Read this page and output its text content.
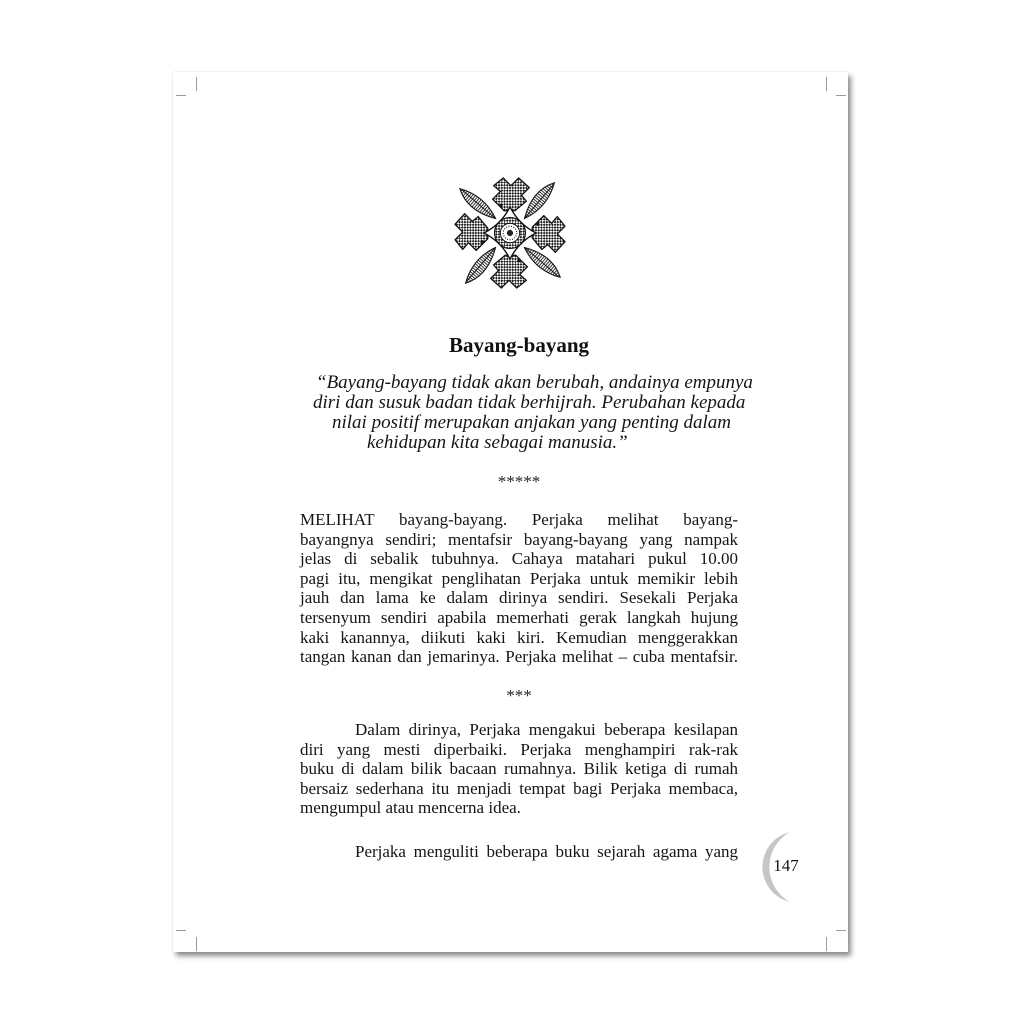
Bayang-bayang
“Bayang-bayang tidak akan berubah, andainya empunya
diri dan susuk badan tidak berhijrah. Perubahan kepada
nilai positif merupakan anjakan yang penting dalam
kehidupan kita sebagai manusia.”
*****
MELIHAT bayang-bayang. Perjaka melihat bayang-
bayangnya sendiri; mentafsir bayang-bayang yang nampak
jelas di sebalik tubuhnya. Cahaya matahari pukul 10.00
pagi itu, mengikat penglihatan Perjaka untuk memikir lebih
jauh dan lama ke dalam dirinya sendiri. Sesekali Perjaka
tersenyum sendiri apabila memerhati gerak langkah hujung
kaki kanannya, diikuti kaki kiri. Kemudian menggerakkan
tangan kanan dan jemarinya. Perjaka melihat – cuba mentafsir.
***
Dalam dirinya, Perjaka mengakui beberapa kesilapan
diri yang mesti diperbaiki. Perjaka menghampiri rak-rak
buku di dalam bilik bacaan rumahnya. Bilik ketiga di rumah
bersaiz sederhana itu menjadi tempat bagi Perjaka membaca,
mengumpul atau mencerna idea.
Perjaka menguliti beberapa buku sejarah agama yang
147
